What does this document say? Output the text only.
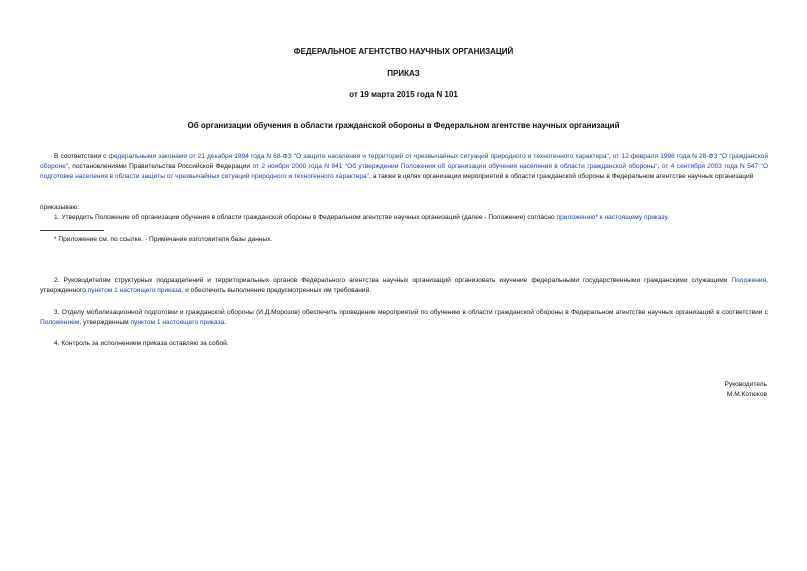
ФЕДЕРАЛЬНОЕ АГЕНТСТВО НАУЧНЫХ ОРГАНИЗАЦИЙ
ПРИКАЗ
от 19 марта 2015 года N 101
Об организации обучения в области гражданской обороны в Федеральном агентстве научных организаций
В соответствии с федеральными законами от 21 декабря 1994 года N 68-ФЗ "О защите населения и территорий от чрезвычайных ситуаций природного и техногенного характера", от 12 февраля 1998 года N 28-ФЗ "О гражданской обороне", постановлениями Правительства Российской Федерации от 2 ноября 2000 года N 841 "Об утверждении Положения об организации обучения населения в области гражданской обороны", от 4 сентября 2003 года N 547 "О подготовке населения в области защиты от чрезвычайных ситуаций природного и техногенного характера", а также в целях организации мероприятий в области гражданской обороны в Федеральном агентстве научных организаций
приказываю:
1. Утвердить Положение об организации обучения в области гражданской обороны в Федеральном агентстве научных организаций (далее - Положение) согласно приложению* к настоящему приказу.
* Приложение см. по ссылке. - Примечание изготовителя базы данных.
2. Руководителям структурных подразделений и территориальных органов Федерального агентства научных организаций организовать изучение федеральными государственными гражданскими служащими Положения, утвержденного пунктом 1 настоящего приказа, и обеспечить выполнение предусмотренных им требований.
3. Отделу мобилизационной подготовки и гражданской обороны (И.Д.Морозов) обеспечить проведение мероприятий по обучению в области гражданской обороны в Федеральном агентстве научных организаций в соответствии с Положением, утвержденным пунктом 1 настоящего приказа.
4. Контроль за исполнением приказа оставляю за собой.
Руководитель
М.М.Котюков
